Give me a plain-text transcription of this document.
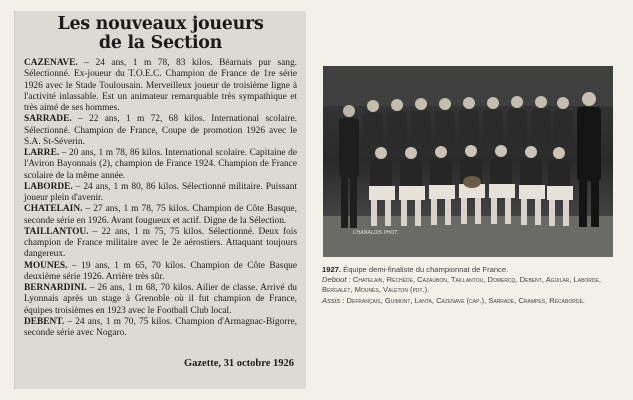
Les nouveaux joueurs
de la Section

CAZENAVE. – 24 ans, 1 m 78, 83 kilos. Béarnais pur sang. Sélectionné. Ex-joueur du T.O.E.C. Champion de France de 1re série 1926 avec le Stade Toulousain. Merveilleux joueur de troisième ligne à l'activité inlassable. Est un animateur remarquable très sympathique et très aimé de ses hommes.

SARRADE. – 22 ans, 1 m 72, 68 kilos. International scolaire. Sélectionné. Champion de France, Coupe de promotion 1926 avec le S.A. St-Séverin.

LARRE. – 20 ans, 1 m 78, 86 kilos. International scolaire. Capitaine de l'Aviron Bayonnais (2), champion de France 1924. Champion de France scolaire de la même année.

LABORDE. – 24 ans, 1 m 80, 86 kilos. Sélectionné militaire. Puissant joueur plein d'avenir.

CHATELAIN. – 27 ans, 1 m 78, 75 kilos. Champion de Côte Basque, seconde série en 1926. Avant fougueux et actif. Digne de la Sélection.

TAILLANTOU. – 22 ans, 1 m 75, 75 kilos. Sélectionné. Deux fois champion de France militaire avec le 2e aérostiers. Attaquant toujours dangereux.

MOUNES. – 19 ans, 1 m 65, 70 kilos. Champion de Côte Basque deuxième série 1926. Arrière très sûr.

BERNARDINI. – 26 ans, 1 m 68, 70 kilos. Ailier de classe. Arrivé du Lyonnais après un stage à Grenoble où il fut champion de France, équipes troisièmes en 1923 avec le Football Club local.

DEBENT. – 24 ans, 1 m 70, 75 kilos. Champion d'Armagnac-Bigorre, seconde série avec Nogaro.

Gazette, 31 octobre 1926
CHANALOIS PHOT.
1927. Équipe demi-finaliste du championnat de France.
Debout : Chatelain, Réchède, Cazaubon, Taillantou, Domercq, Debent, Aguilar, Laborde, Bergalet, Mounès, Valeton (pdt.).
Assis : Defrançais, Guimont, Lanta, Cazenave (cap.), Sarrade, Crampes, Récaborde.
